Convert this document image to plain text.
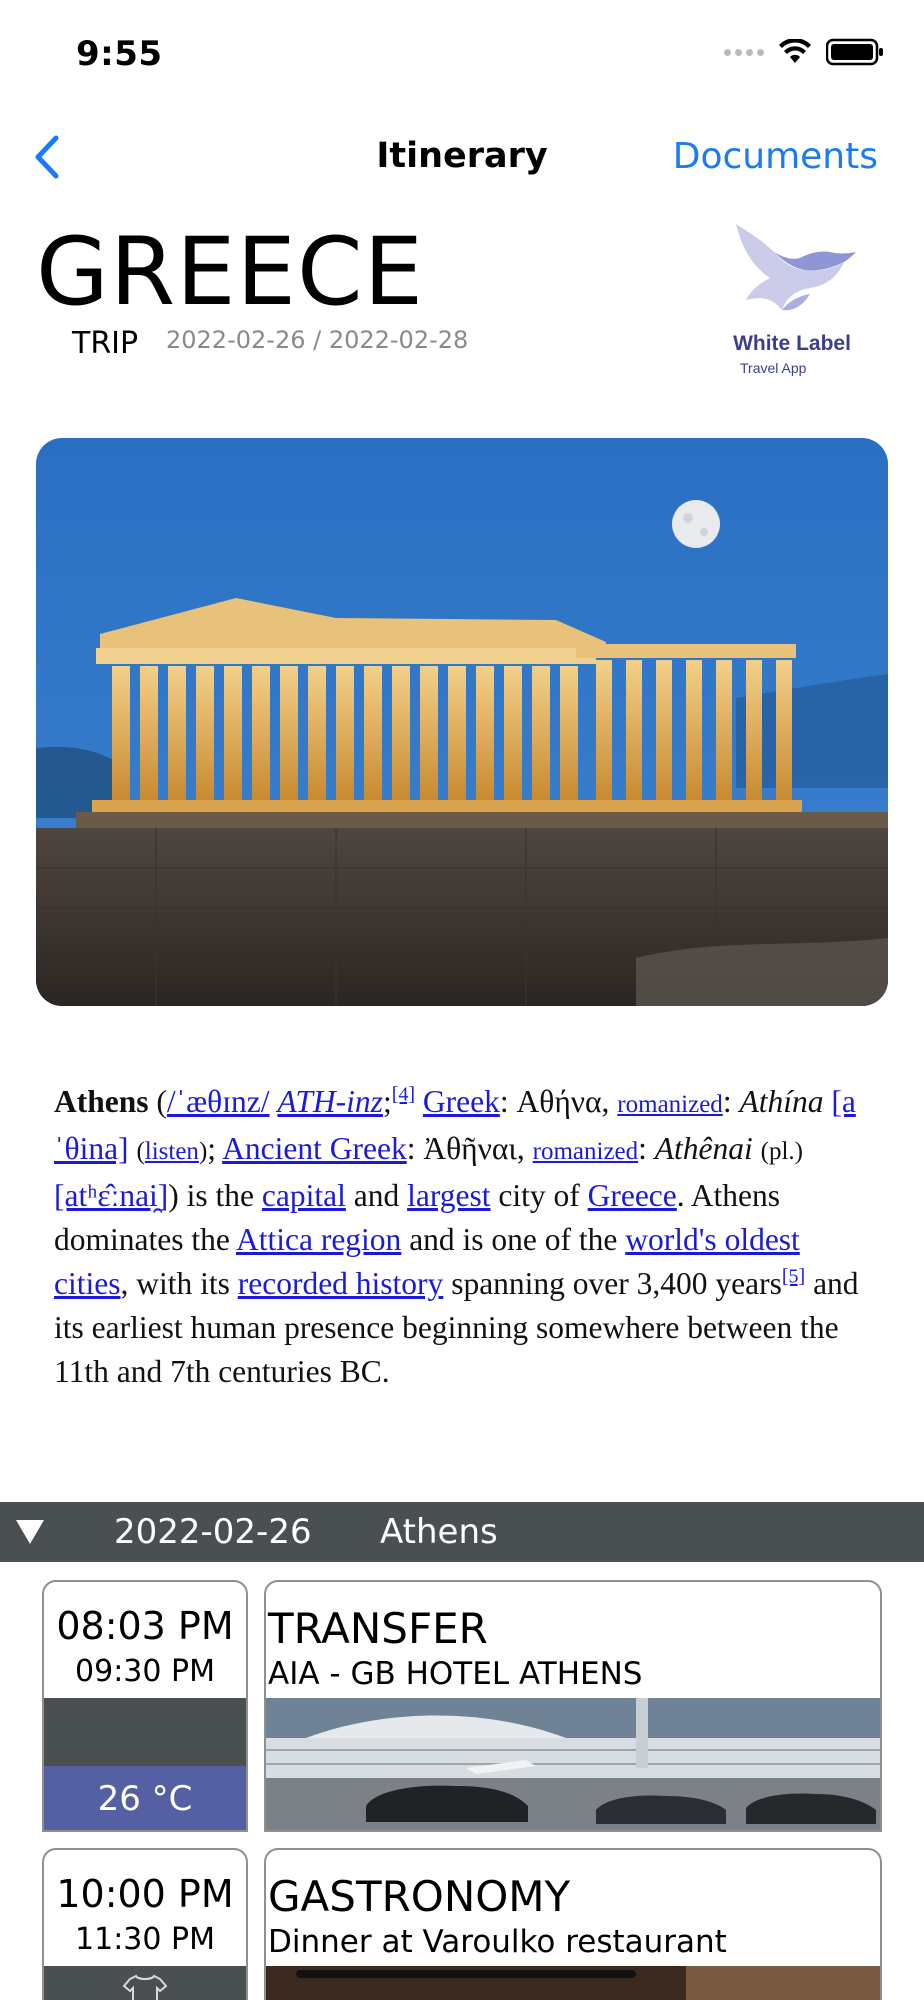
9:55
Itinerary	Documents
GREECE
TRIP 2022-02-26 / 2022-02-28	White Label
Travel App
Athens (/ˈæθɪnz/ ATH-inz;[4] Greek: Αθήνα, romanized: Athína [aˈθina] (listen); Ancient Greek: Ἀθῆναι, romanized: Athênai (pl.) [atʰɛ̂ːnai̯]) is the capital and largest city of Greece. Athens dominates the Attica region and is one of the world's oldest cities, with its recorded history spanning over 3,400 years[5] and its earliest human presence beginning somewhere between the 11th and 7th centuries BC.
2022-02-26 Athens
08:03 PM
09:30 PM
26 °C
TRANSFER
AIA - GB HOTEL ATHENS
10:00 PM
11:30 PM
GASTRONOMY
Dinner at Varoulko restaurant
